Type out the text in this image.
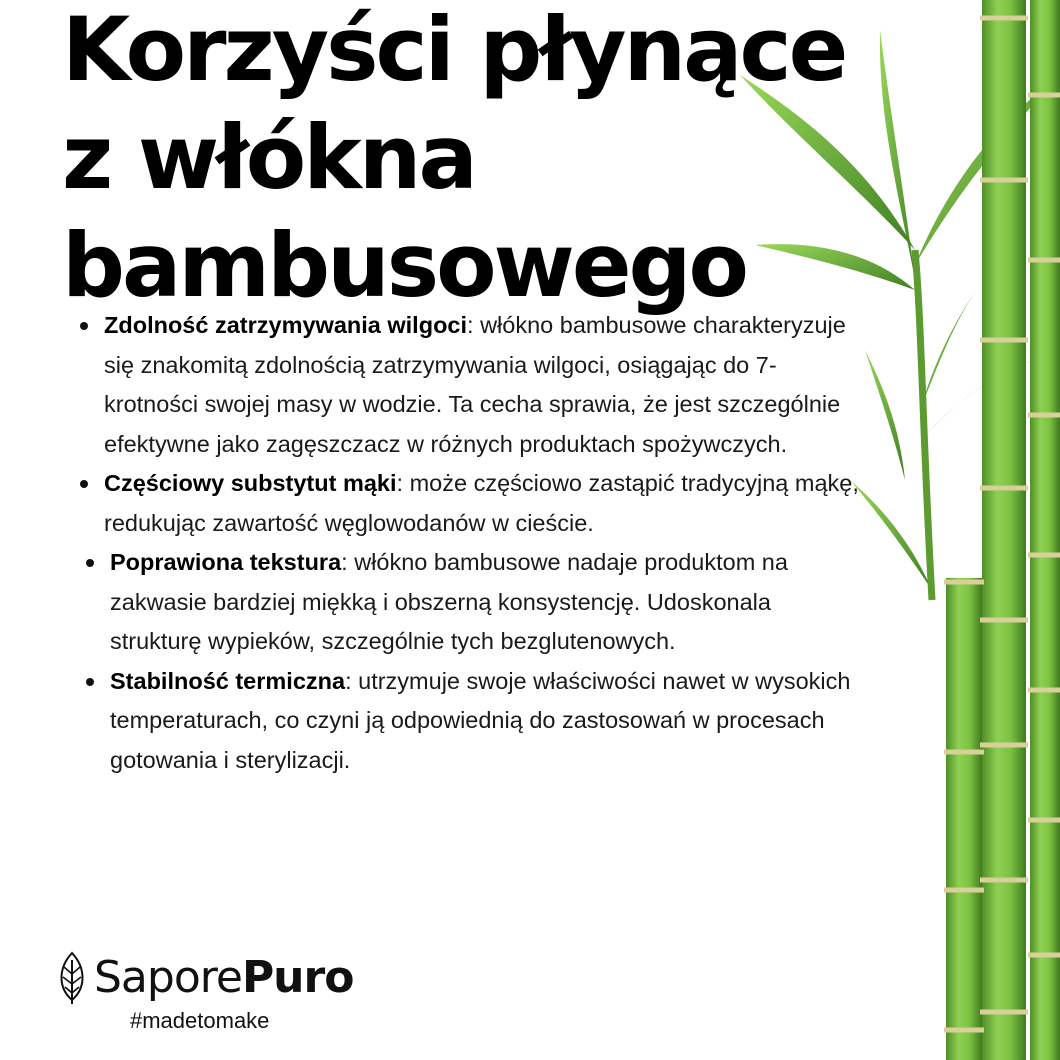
Korzyści płynące
z włókna
bambusowego
Zdolność zatrzymywania wilgoci: włókno bambusowe charakteryzuje się znakomitą zdolnością zatrzymywania wilgoci, osiągając do 7-krotności swojej masy w wodzie. Ta cecha sprawia, że jest szczególnie efektywne jako zagęszczacz w różnych produktach spożywczych.
Częściowy substytut mąki: może częściowo zastąpić tradycyjną mąkę, redukując zawartość węglowodanów w cieście.
Poprawiona tekstura: włókno bambusowe nadaje produktom na zakwasie bardziej miękką i obszerną konsystencję. Udoskonala strukturę wypieków, szczególnie tych bezglutenowych.
Stabilność termiczna: utrzymuje swoje właściwości nawet w wysokich temperaturach, co czyni ją odpowiednią do zastosowań w procesach gotowania i sterylizacji.
SaporePuro
#madetomake
